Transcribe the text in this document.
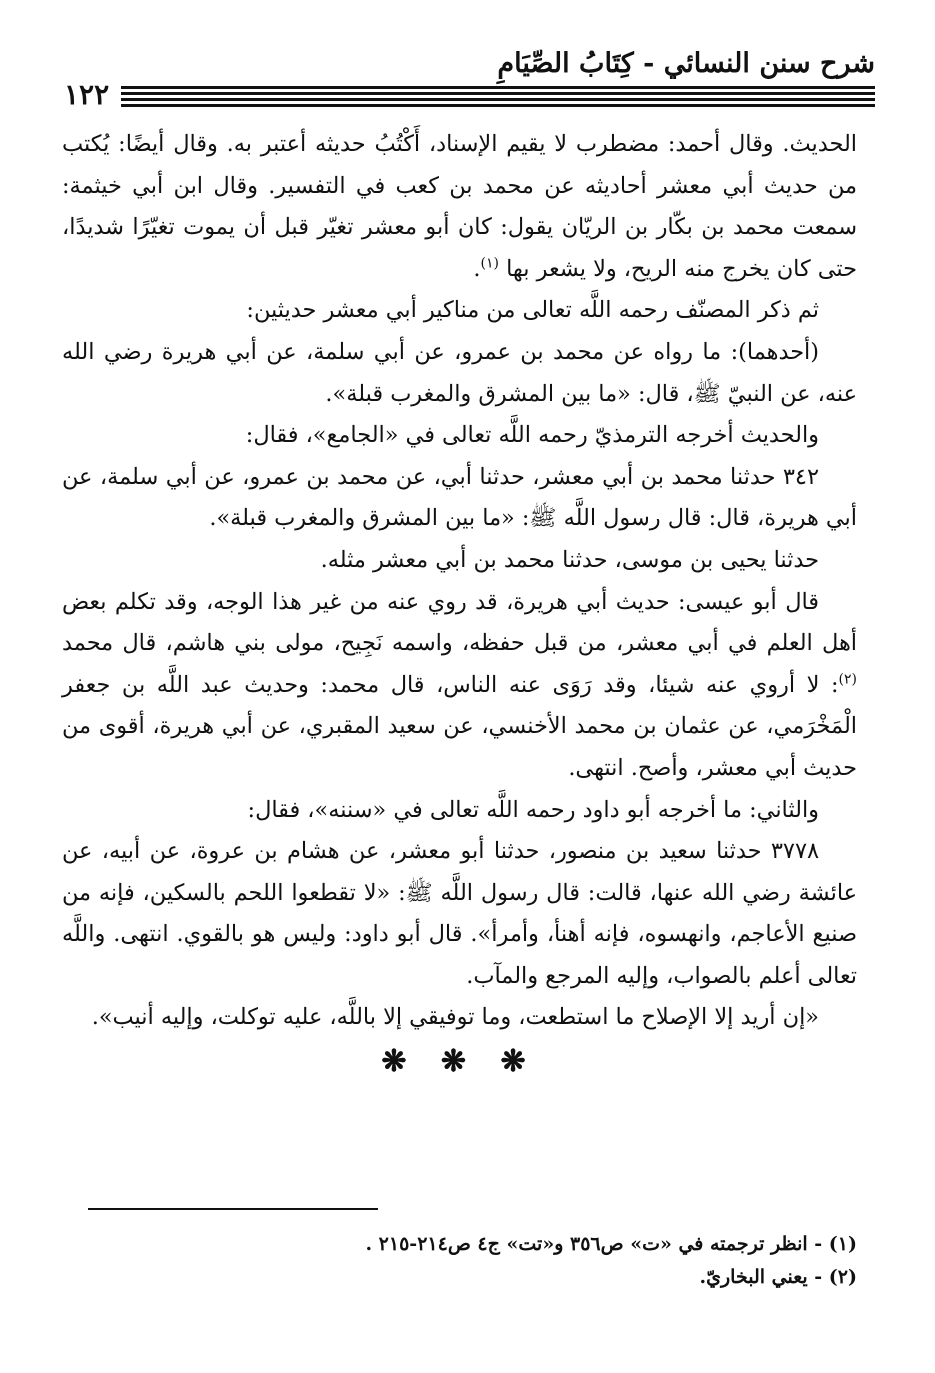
شرح سنن النسائي - كِتَابُ الصِّيَامِ
١٢٢

الحديث. وقال أحمد: مضطرب لا يقيم الإسناد، أَكْتُبُ حديثه أعتبر به. وقال أيضًا: يُكتب من حديث أبي معشر أحاديثه عن محمد بن كعب في التفسير. وقال ابن أبي خيثمة: سمعت محمد بن بكّار بن الريّان يقول: كان أبو معشر تغيّر قبل أن يموت تغيّرًا شديدًا، حتى كان يخرج منه الريح، ولا يشعر بها $^{(١)}$.

ثم ذكر المصنّف رحمه اللَّه تعالى من مناكير أبي معشر حديثين:

(أحدهما): ما رواه عن محمد بن عمرو، عن أبي سلمة، عن أبي هريرة رضي الله عنه، عن النبيّ ﷺ، قال: «ما بين المشرق والمغرب قبلة».

والحديث أخرجه الترمذيّ رحمه اللَّه تعالى في «الجامع»، فقال:

٣٤٢ حدثنا محمد بن أبي معشر، حدثنا أبي، عن محمد بن عمرو، عن أبي سلمة، عن أبي هريرة، قال: قال رسول اللَّه ﷺ: «ما بين المشرق والمغرب قبلة».

حدثنا يحيى بن موسى، حدثنا محمد بن أبي معشر مثله.

قال أبو عيسى: حديث أبي هريرة، قد روي عنه من غير هذا الوجه، وقد تكلم بعض أهل العلم في أبي معشر، من قبل حفظه، واسمه نَجِيح، مولى بني هاشم، قال محمد $^{(٢)}$: لا أروي عنه شيئا، وقد رَوَى عنه الناس، قال محمد: وحديث عبد اللَّه بن جعفر الْمَخْرَمي، عن عثمان بن محمد الأخنسي، عن سعيد المقبري، عن أبي هريرة، أقوى من حديث أبي معشر، وأصح. انتهى.

والثاني: ما أخرجه أبو داود رحمه اللَّه تعالى في «سننه»، فقال:

٣٧٧٨ حدثنا سعيد بن منصور، حدثنا أبو معشر، عن هشام بن عروة، عن أبيه، عن عائشة رضي الله عنها، قالت: قال رسول اللَّه ﷺ: «لا تقطعوا اللحم بالسكين، فإنه من صنيع الأعاجم، وانهسوه، فإنه أهنأ، وأمرأ». قال أبو داود: وليس هو بالقوي. انتهى. واللَّه تعالى أعلم بالصواب، وإليه المرجع والمآب.

«إن أريد إلا الإصلاح ما استطعت، وما توفيقي إلا باللَّه، عليه توكلت، وإليه أنيب».

❋ ❋ ❋

(١) - انظر ترجمته في «ت» ص٣٥٦ و«تت» ج٤ ص٢١٤-٢١٥ .

(٢) - يعني البخاريّ.
